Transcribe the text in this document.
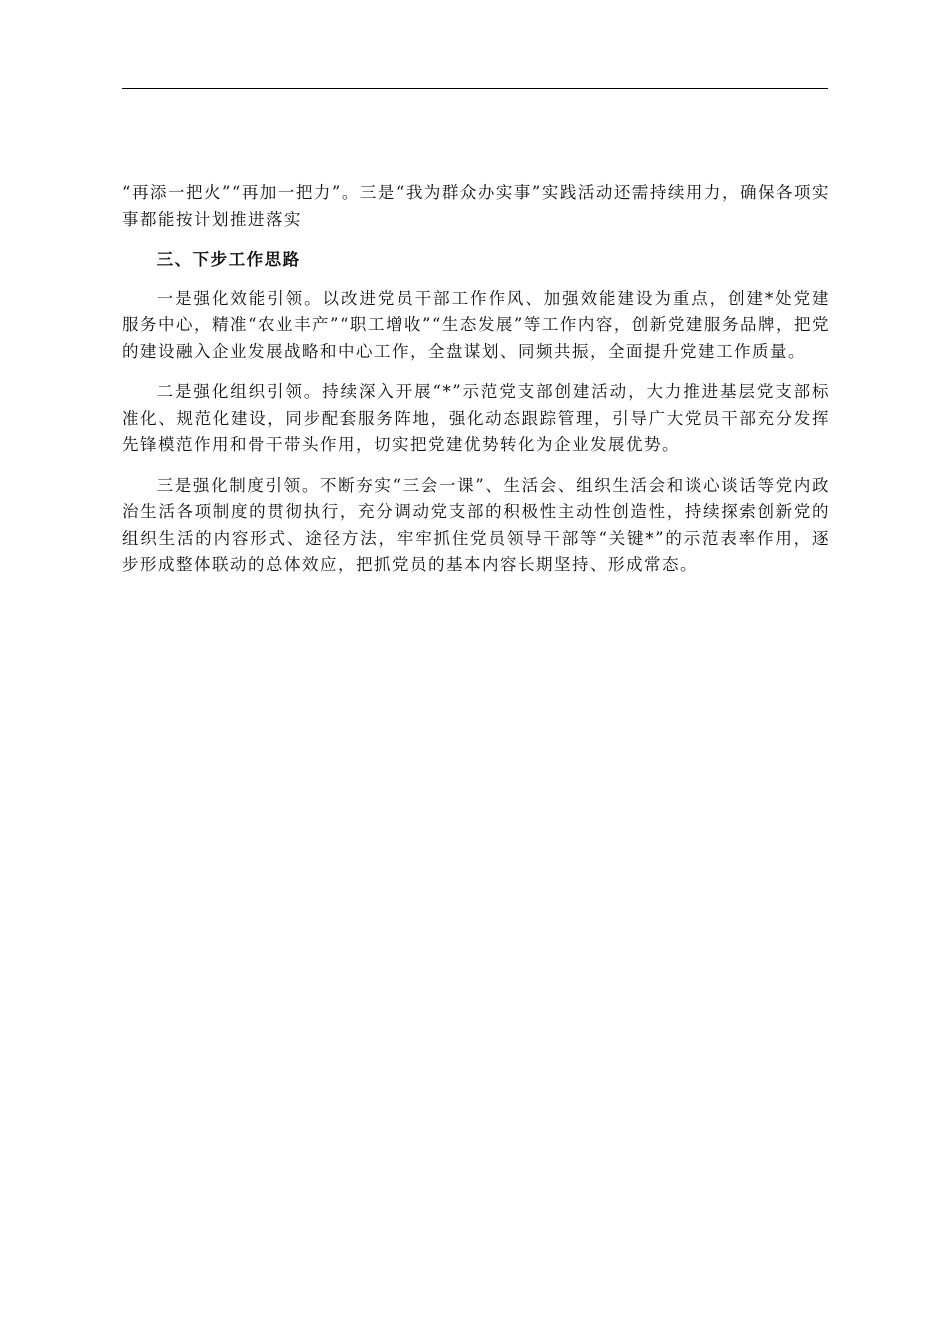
“再添一把火”“再加一把力”。三是“我为群众办实事”实践活动还需持续用力，确保各项实事都能按计划推进落实

三、下步工作思路

一是强化效能引领。以改进党员干部工作作风、加强效能建设为重点，创建*处党建服务中心，精准“农业丰产”“职工增收”“生态发展”等工作内容，创新党建服务品牌，把党的建设融入企业发展战略和中心工作，全盘谋划、同频共振，全面提升党建工作质量。

二是强化组织引领。持续深入开展“*”示范党支部创建活动，大力推进基层党支部标准化、规范化建设，同步配套服务阵地，强化动态跟踪管理，引导广大党员干部充分发挥先锋模范作用和骨干带头作用，切实把党建优势转化为企业发展优势。

三是强化制度引领。不断夯实“三会一课”、生活会、组织生活会和谈心谈话等党内政治生活各项制度的贯彻执行，充分调动党支部的积极性主动性创造性，持续探索创新党的组织生活的内容形式、途径方法，牢牢抓住党员领导干部等“关键*”的示范表率作用，逐步形成整体联动的总体效应，把抓党员的基本内容长期坚持、形成常态。
